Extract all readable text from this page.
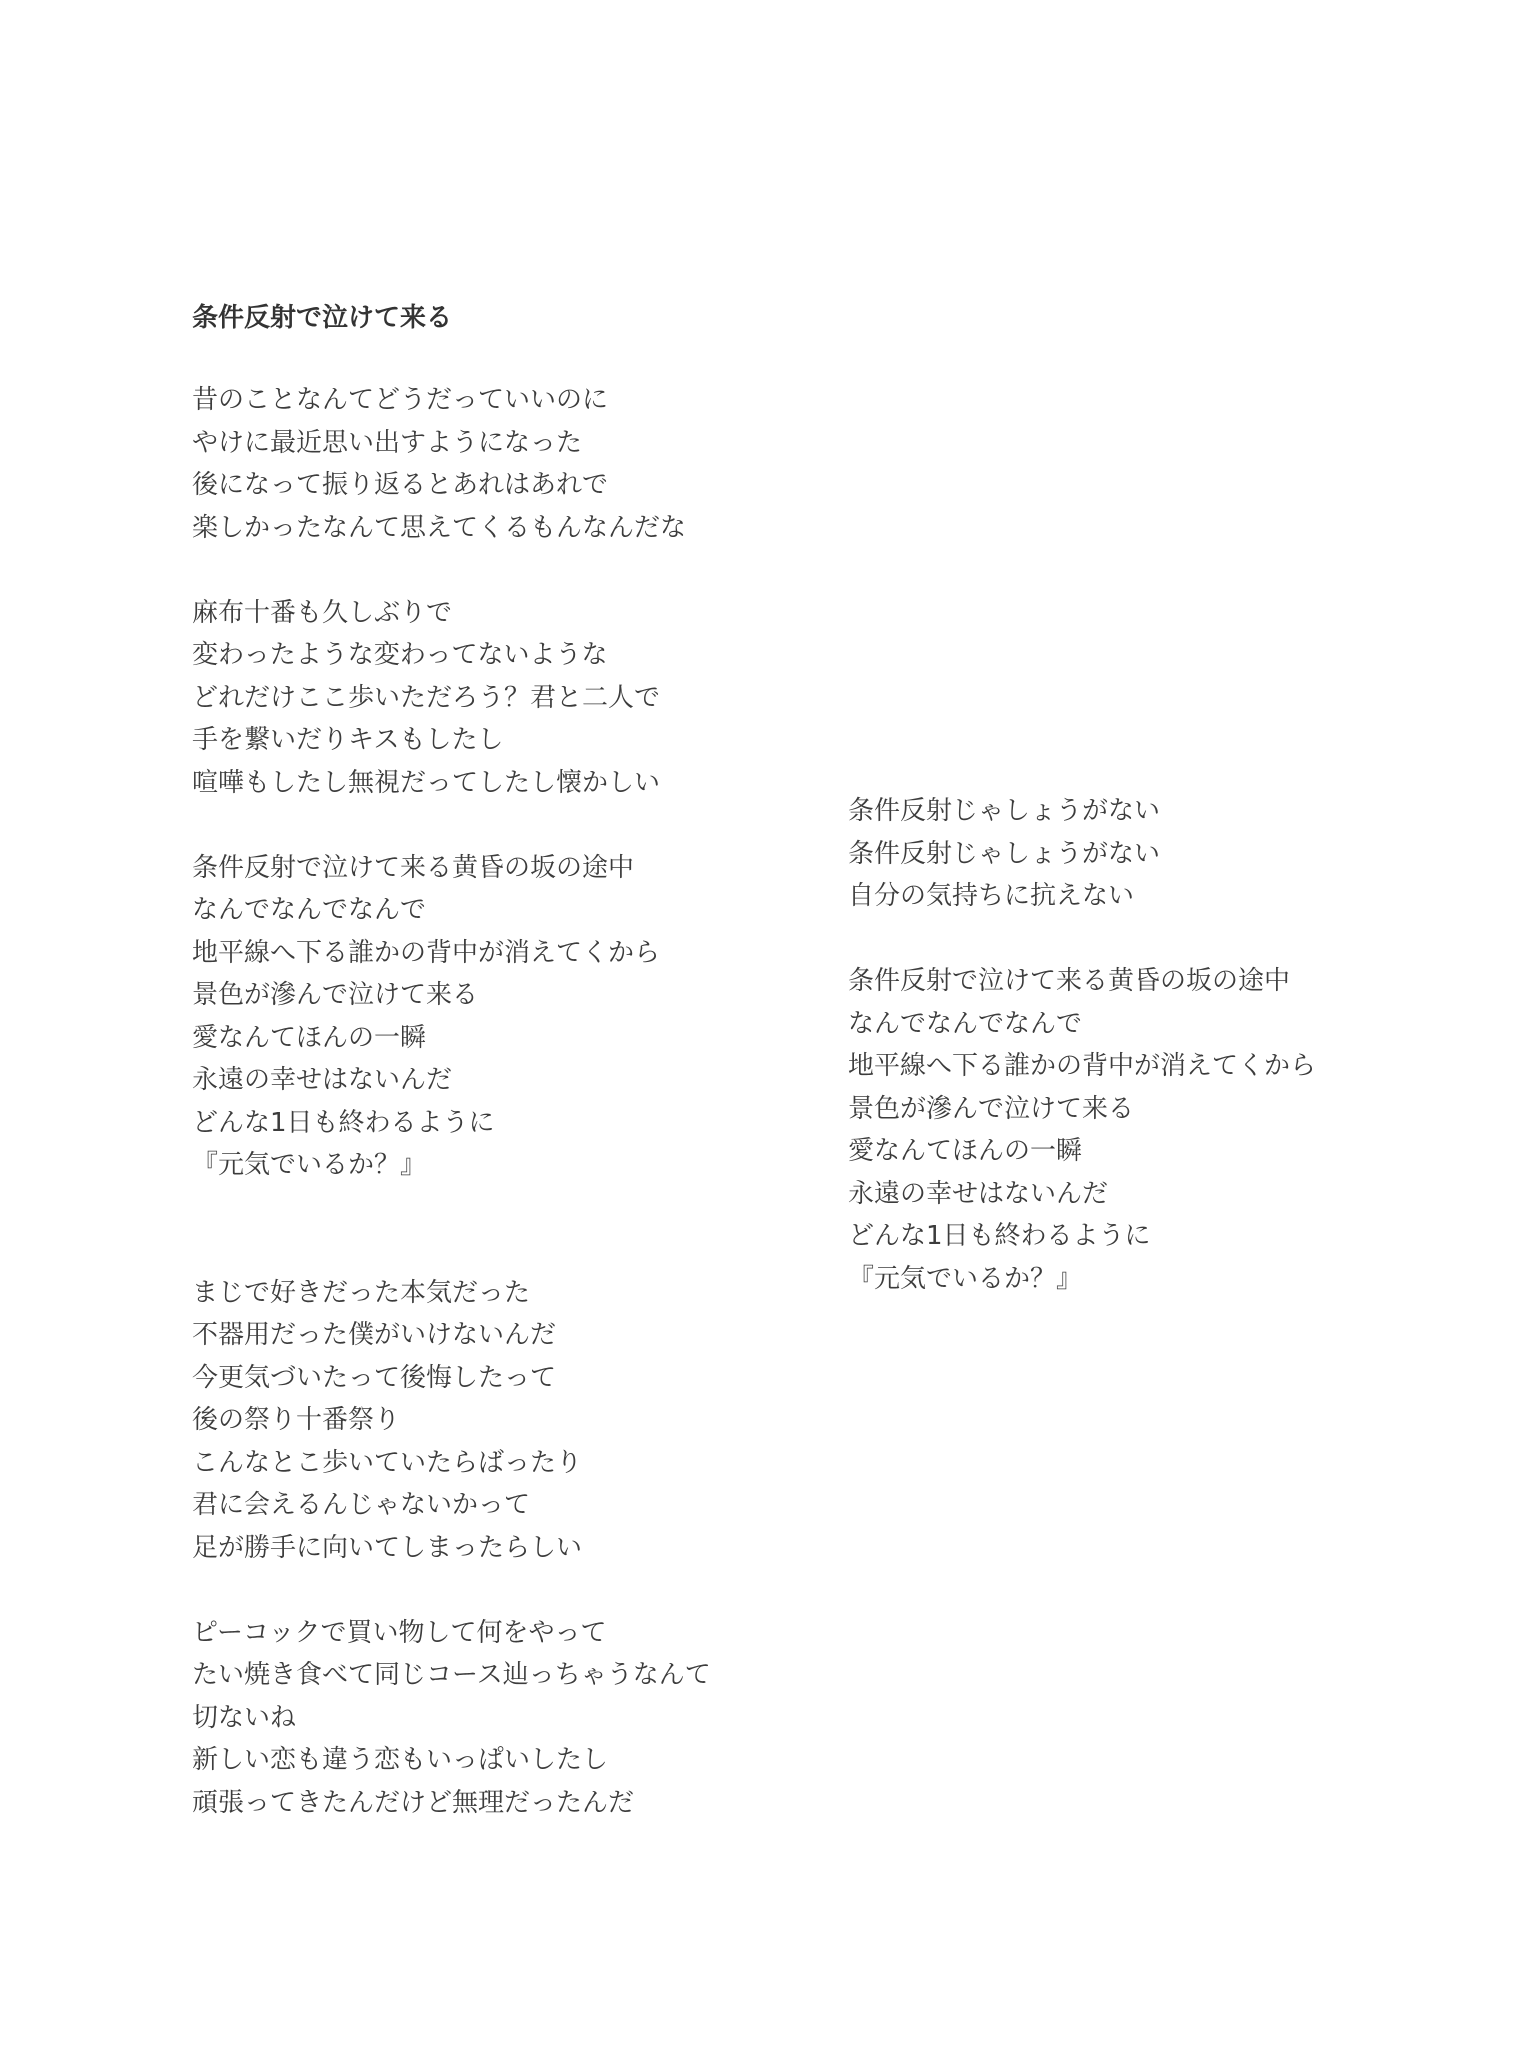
条件反射で泣けて来る
昔のことなんてどうだっていいのに
やけに最近思い出すようになった
後になって振り返るとあれはあれで
楽しかったなんて思えてくるもんなんだな
麻布十番も久しぶりで
変わったような変わってないような
どれだけここ歩いただろう？君と二人で
手を繋いだりキスもしたし
喧嘩もしたし無視だってしたし懐かしい
条件反射で泣けて来る黄昏の坂の途中
なんでなんでなんで
地平線へ下る誰かの背中が消えてくから
景色が滲んで泣けて来る
愛なんてほんの一瞬
永遠の幸せはないんだ
どんな1日も終わるように
『元気でいるか？』
まじで好きだった本気だった
不器用だった僕がいけないんだ
今更気づいたって後悔したって
後の祭り十番祭り
こんなとこ歩いていたらばったり
君に会えるんじゃないかって
足が勝手に向いてしまったらしい
ピーコックで買い物して何をやって
たい焼き食べて同じコース辿っちゃうなんて
切ないね
新しい恋も違う恋もいっぱいしたし
頑張ってきたんだけど無理だったんだ
条件反射じゃしょうがない
条件反射じゃしょうがない
自分の気持ちに抗えない
条件反射で泣けて来る黄昏の坂の途中
なんでなんでなんで
地平線へ下る誰かの背中が消えてくから
景色が滲んで泣けて来る
愛なんてほんの一瞬
永遠の幸せはないんだ
どんな1日も終わるように
『元気でいるか？』
